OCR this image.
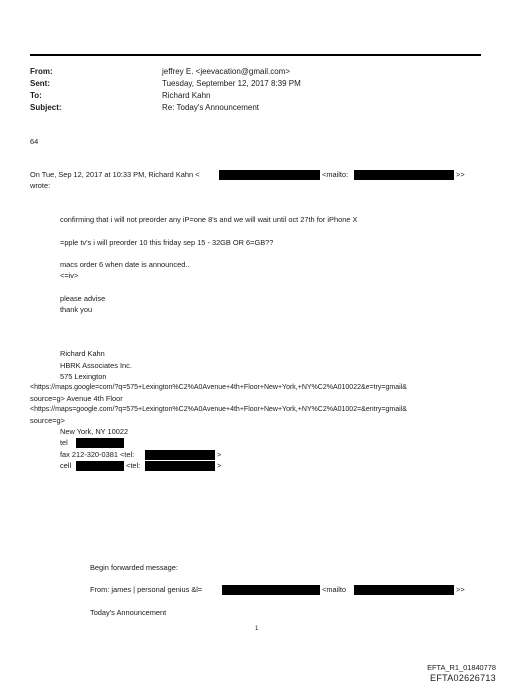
From:	jeffrey E. <jeevacation@gmail.com>
Sent:	Tuesday, September 12, 2017 8:39 PM
To:	Richard Kahn
Subject:	Re: Today's Announcement
64
On Tue, Sep 12, 2017 at 10:33 PM, Richard Kahn <	<mailto:	>>
wrote:
confirming that i will not preorder any iP=one 8's and we will wait until oct 27th for iPhone X
=pple tv's i will preorder 10 this friday sep 15 - 32GB OR 6=GB??
macs order 6 when date is announced..
<=iv>
please advise
thank you
Richard Kahn
HBRK Associates Inc.
575 Lexington
<https://maps.google=com/?q=575+Lexington%C2%A0Avenue+4th+Floor+New+York,+NY%C2%A010022&e=try=gmail&
source=g> Avenue 4th Floor
<https://maps=google.com/?q=575+Lexington%C2%A0Avenue+4th+Floor+New+York,+NY%C2%A01002=&entry=gmail&
source=g>
New York, NY 10022
tel
fax 212-320-0381 <tel:	>
cell	<tel:	>
Begin forwarded message:
From: james | personal genius &l=	<mailto	>>
Today's Announcement
1
EFTA_R1_01840778
EFTA02626713
